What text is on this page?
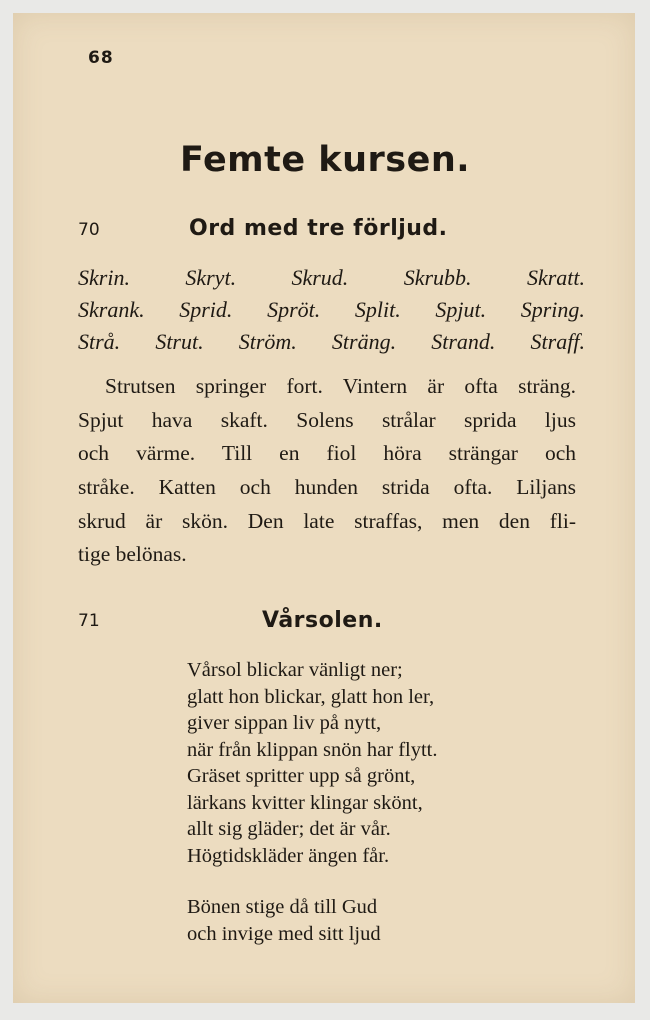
68
Femte kursen.
70	Ord med tre förljud.
Skrin.	Skryt.	Skrud.	Skrubb.	Skratt.
Skrank. Sprid. Spröt. Split. Spjut. Spring.
Strå. Strut. Ström. Sträng. Strand. Straff.
Strutsen springer fort. Vintern är ofta sträng.
Spjut hava skaft. Solens strålar sprida ljus
och värme. Till en fiol höra strängar och
stråke. Katten och hunden strida ofta. Liljans
skrud är skön. Den late straffas, men den fli-
tige belönas.
71	Vårsolen.
Vårsol blickar vänligt ner;
glatt hon blickar, glatt hon ler,
giver sippan liv på nytt,
när från klippan snön har flytt.
Gräset spritter upp så grönt,
lärkans kvitter klingar skönt,
allt sig gläder; det är vår.
Högtidskläder ängen får.
Bönen stige då till Gud
och invige med sitt ljud
